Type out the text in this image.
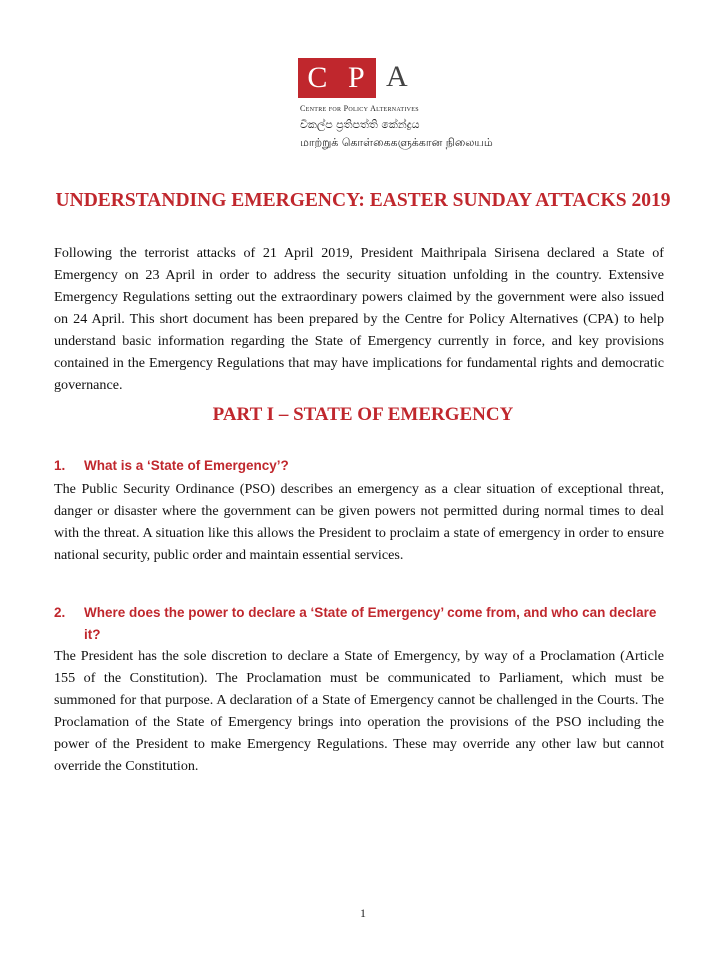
C P A
Centre for Policy Alternatives
විකල්ප ප්‍රතිපත්ති කේන්ද්‍රය
மாற்றுக் கொள்கைகளுக்கான நிலையம்
UNDERSTANDING EMERGENCY: EASTER SUNDAY ATTACKS 2019

Following the terrorist attacks of 21 April 2019, President Maithripala Sirisena declared a State of Emergency on 23 April in order to address the security situation unfolding in the country. Extensive Emergency Regulations setting out the extraordinary powers claimed by the government were also issued on 24 April. This short document has been prepared by the Centre for Policy Alternatives (CPA) to help understand basic information regarding the State of Emergency currently in force, and key provisions contained in the Emergency Regulations that may have implications for fundamental rights and democratic governance.

PART I – STATE OF EMERGENCY
1.	What is a ‘State of Emergency’?

The Public Security Ordinance (PSO) describes an emergency as a clear situation of exceptional threat, danger or disaster where the government can be given powers not permitted during normal times to deal with the threat. A situation like this allows the President to proclaim a state of emergency in order to ensure national security, public order and maintain essential services.

2.	Where does the power to declare a ‘State of Emergency’ come from, and who can declare it?

The President has the sole discretion to declare a State of Emergency, by way of a Proclamation (Article 155 of the Constitution). The Proclamation must be communicated to Parliament, which must be summoned for that purpose. A declaration of a State of Emergency cannot be challenged in the Courts. The Proclamation of the State of Emergency brings into operation the provisions of the PSO including the power of the President to make Emergency Regulations. These may override any other law but cannot override the Constitution.

1
